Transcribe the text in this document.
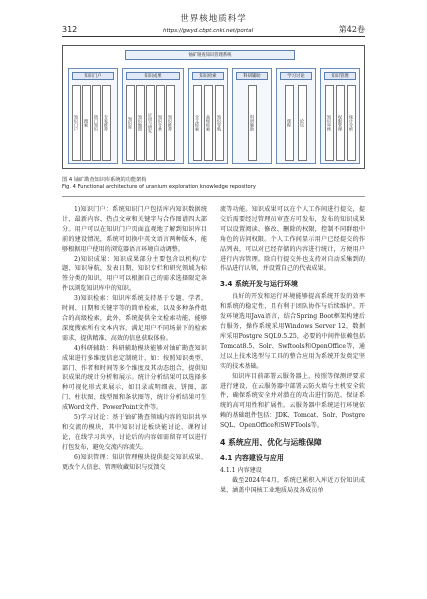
世界核地质科学
312	https://gwyd.cbpt.cnki.net/portal	第42卷
铀矿勘查知识管理系统
知识门户
知识门户	搜索	热门知识	专家推荐
知识成果
知识库	知识地图	应用与研究	知识分类	知识推荐
知识检索
全文检索	高级检索	知识导航
科研辅助
科研辅助
学习讨论
课程	论坛
知识管理
知识审核	权限管理	统计分析
图 4 铀矿勘查知识库系统的功能架构
Fig. 4 Functional architecture of uranium exploration knowledge repository

1)知识门户：系统知识门户包括库内知识数据统计、最新内容、热点文章和关键字与合作图谱四大部分。用户可以在知识门户页面直观地了解到知识库目前的建设情况，系统可切换中英文语言两种版本，能够根据用户使用的浏览器语言环境自动调整。

2)知识成果：知识成果部分主要包含以机构/专题、知识导航、发表日期、知识专栏和研究领域为标签分类的知识，用户可以根据自己的需求选择限定条件以浏览知识库中的知识。

3)知识检索：知识库系统支持基于专题、学者、时间、日期和关键字等的简单检索，以及多种条件组合的高级检索，此外，系统提供全文检索功能，能够深度搜索所有文本内容，满足用户不同场景下的检索需求，提供精准、高效的信息获取体验。

4)科研辅助：科研辅助模块能够对铀矿勘查知识成果进行多维度信息定制统计，如：按照知识类型、部门、作者和时间等多个维度及其动态组合，提供知识成果的统计分析和展示。统计分析结果可以选择多种可视化形式来展示，如目录或明细表、饼图、部门、柱状图、线型图和条状图等，统计分析结果可生成Word文件、PowerPoint文件等。

5)学习讨论：基于铀矿勘查领域内容的知识共享和交流的模块，其中知识讨论板块能讨论、课程讨论，在线学习共享，讨论后的内容如需留存可以进行打包发布，避免交流内容流失。

6)知识管理：知识管理模块提供提交知识成果、更改个人信息、管理收藏知识与反馈交

流等功能。知识成果可以在个人工作间进行提交，提交后需要经过管理员审查方可发布，发布的知识成果可以设置阅读、修改、删除的权限，控制不同群组中角色的访问权限。个人工作间显示用户已经提交的作品列表，可以对已经存储的内容进行统计，方便用户进行内容管理。除自行提交外也支持对自动采集到的作品进行认领，并设置自己的代表成果。

3.4 系统开发与运行环境

良好的开发和运行环境能够提高系统开发的效率和系统的稳定性，且有利于团队协作与后续维护。开发环境选用Java语言，结合Spring Boot框架构建后台服务，操作系统采用Windows Server 12，数据库采用Postgre SQL9.5.25，必要的中间件依赖包括Tomcat8.5、Solr、Swftools和OpenOffice等，通过以上技术选型与工具的整合应用为系统开发奠定坚实的技术基础。

知识库目前部署云服务器上，按照等保测评要求进行建设，在云服务器中部署云防火墙与主机安全软件，确保系统安全并对潜在的攻击进行防范，保证系统的高可用性和扩展性。云服务器中系统运行环境依赖的基础组件包括：JDK、Tomcat、Solr、Postgre SQL、OpenOffice和SWFTools等。

4 系统应用、优化与运维保障
4.1 内容建设与应用

4.1.1 内容建设

截至2024年4月，系统已累积入库近万份知识成果，涵盖中国核工业地质局及各成员单
